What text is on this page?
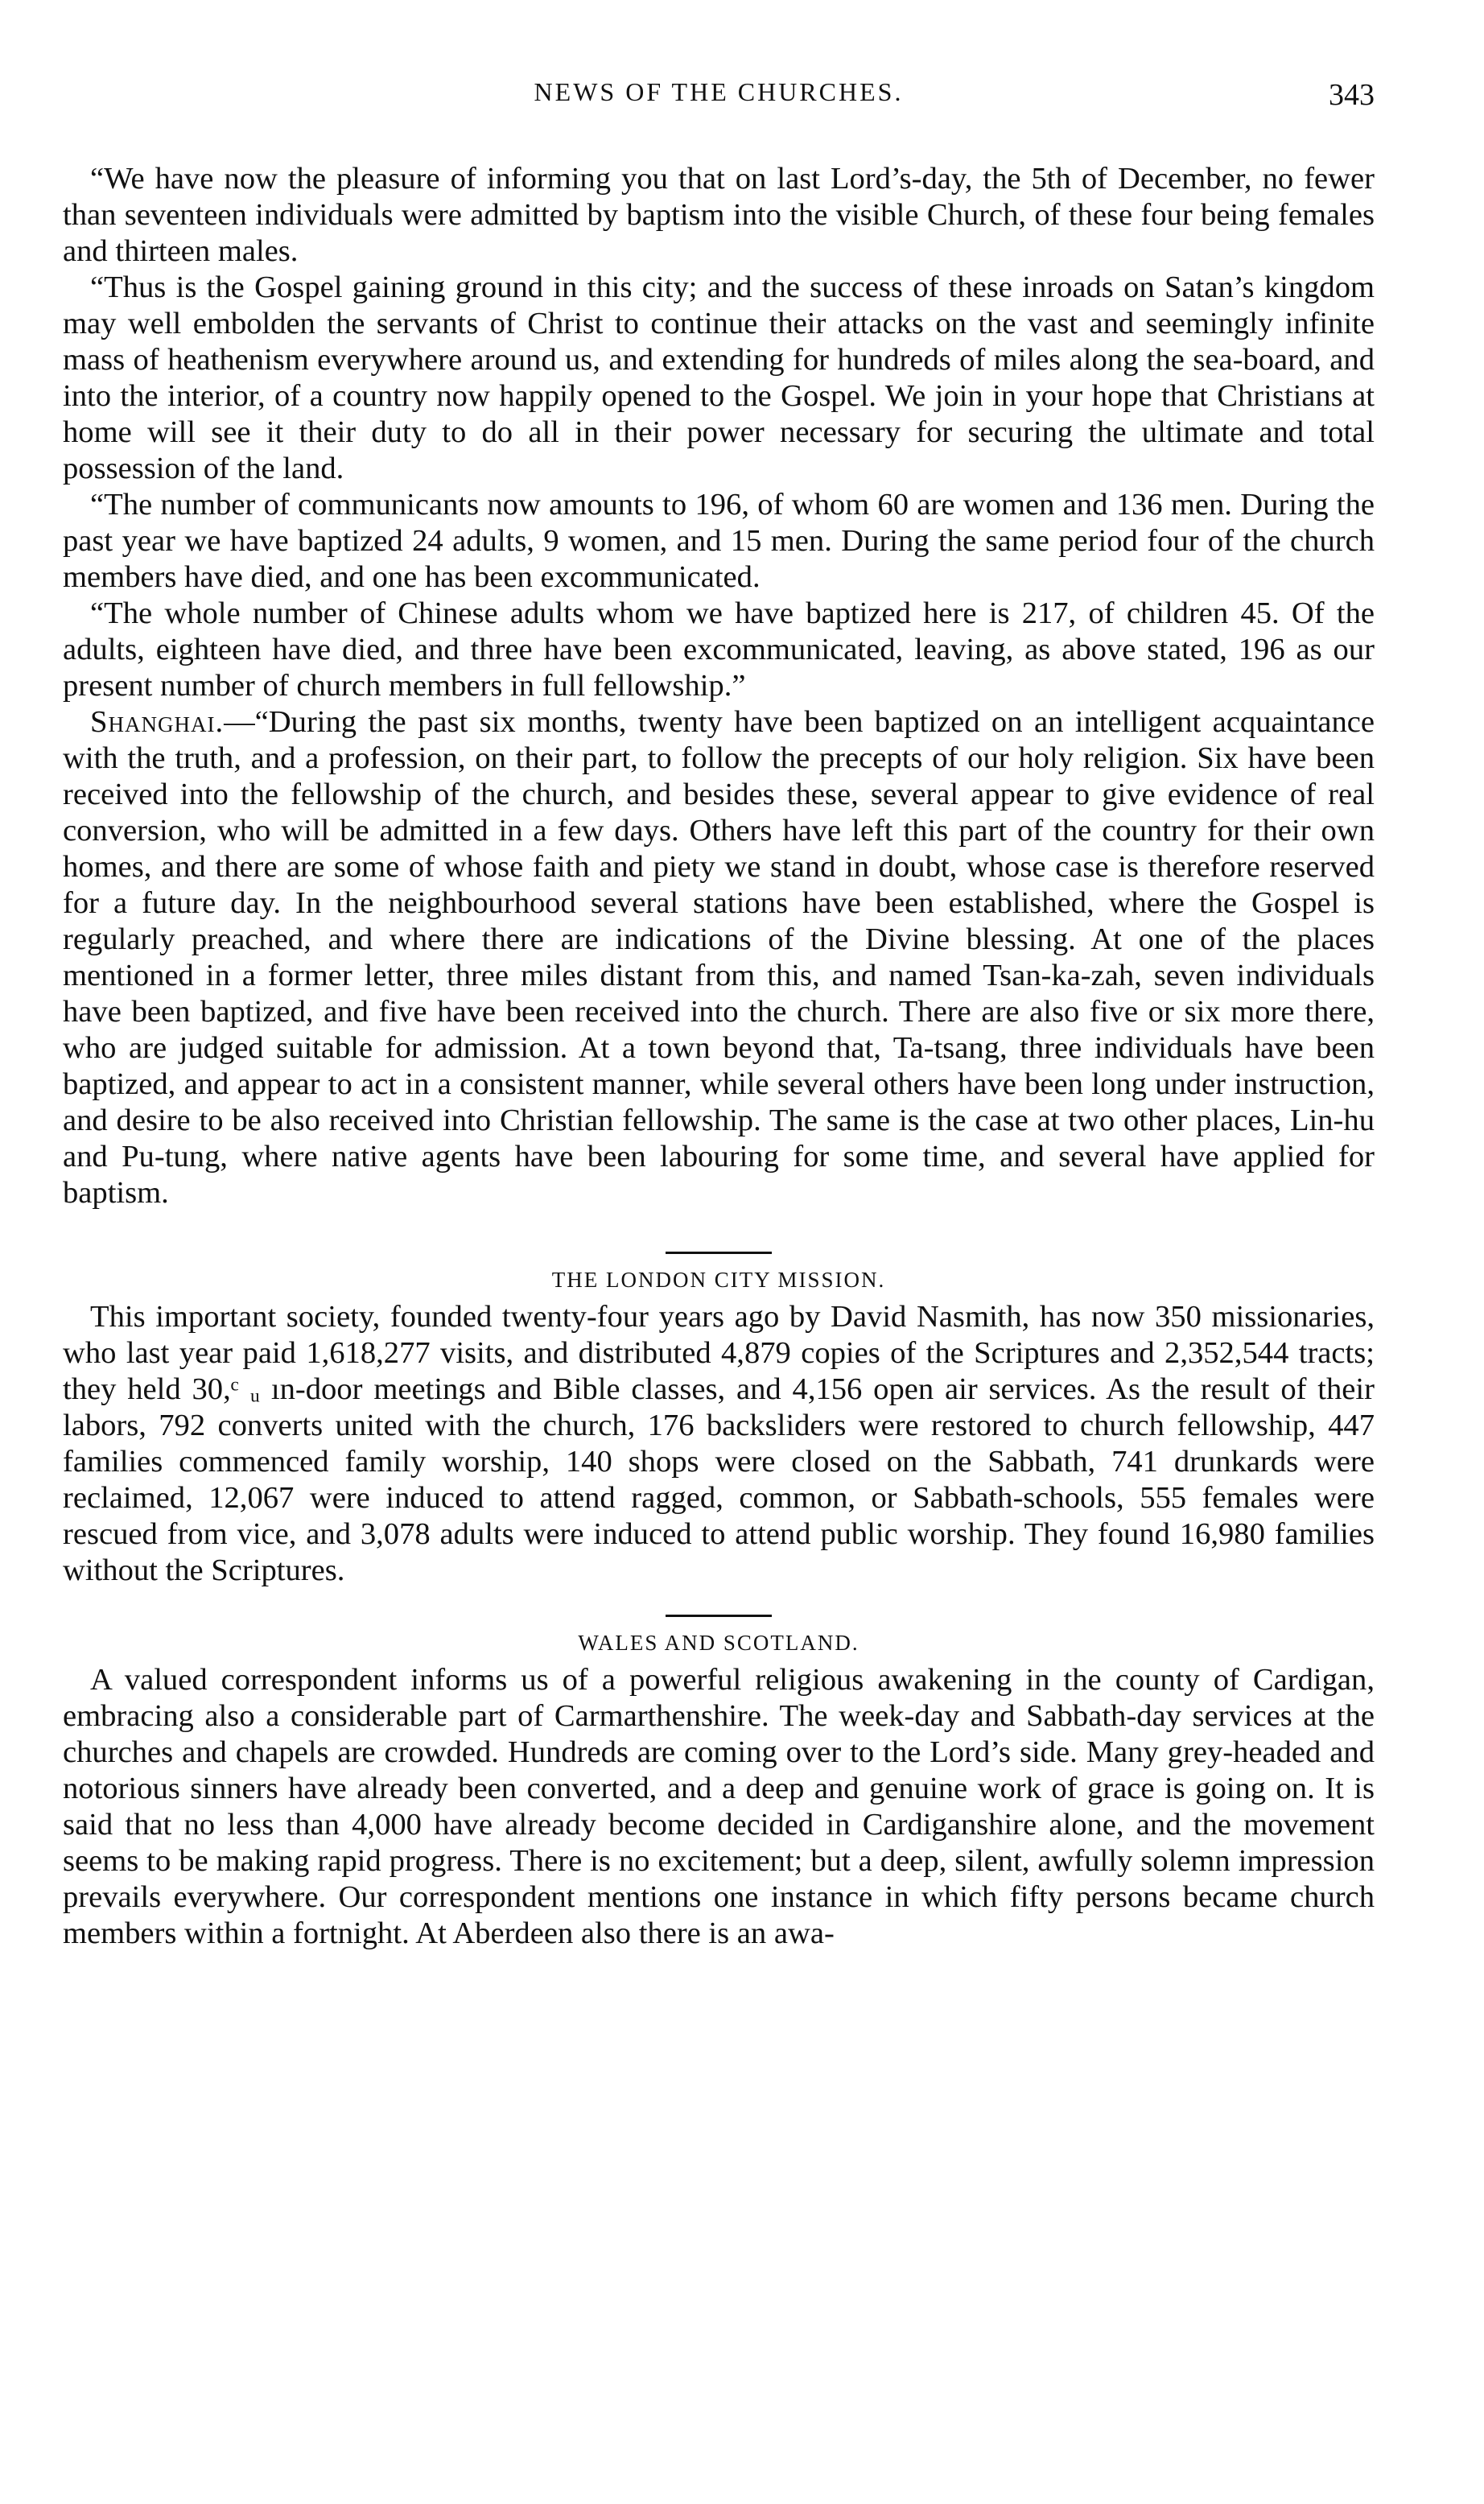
NEWS OF THE CHURCHES.	343

“We have now the pleasure of informing you that on last Lord’s-day, the 5th of December, no fewer than seventeen individuals were admitted by baptism into the visible Church, of these four being females and thirteen males.

“Thus is the Gospel gaining ground in this city; and the success of these inroads on Satan’s kingdom may well embolden the servants of Christ to continue their attacks on the vast and seemingly infinite mass of heathenism everywhere around us, and extending for hundreds of miles along the sea-board, and into the interior, of a country now happily opened to the Gospel. We join in your hope that Christians at home will see it their duty to do all in their power necessary for securing the ultimate and total possession of the land.

“The number of communicants now amounts to 196, of whom 60 are women and 136 men. During the past year we have baptized 24 adults, 9 women, and 15 men. During the same period four of the church members have died, and one has been excommunicated.

“The whole number of Chinese adults whom we have baptized here is 217, of children 45. Of the adults, eighteen have died, and three have been excommunicated, leaving, as above stated, 196 as our present number of church members in full fellowship.”

Shanghai.—“During the past six months, twenty have been baptized on an intelligent acquaintance with the truth, and a profession, on their part, to follow the precepts of our holy religion. Six have been received into the fellowship of the church, and besides these, several appear to give evidence of real conversion, who will be admitted in a few days. Others have left this part of the country for their own homes, and there are some of whose faith and piety we stand in doubt, whose case is therefore reserved for a future day. In the neighbourhood several stations have been established, where the Gospel is regularly preached, and where there are indications of the Divine blessing. At one of the places mentioned in a former letter, three miles distant from this, and named Tsan-ka-zah, seven individuals have been baptized, and five have been received into the church. There are also five or six more there, who are judged suitable for admission. At a town beyond that, Ta-tsang, three individuals have been baptized, and appear to act in a consistent manner, while several others have been long under instruction, and desire to be also received into Christian fellowship. The same is the case at two other places, Lin-hu and Pu-tung, where native agents have been labouring for some time, and several have applied for baptism.

THE LONDON CITY MISSION.

This important society, founded twenty-four years ago by David Nasmith, has now 350 missionaries, who last year paid 1,618,277 visits, and distributed 4,879 copies of the Scriptures and 2,352,544 tracts; they held 30,ᶜ ᵤ ın-door meetings and Bible classes, and 4,156 open air services. As the result of their labors, 792 converts united with the church, 176 backsliders were restored to church fellowship, 447 families commenced family worship, 140 shops were closed on the Sabbath, 741 drunkards were reclaimed, 12,067 were induced to attend ragged, common, or Sabbath-schools, 555 females were rescued from vice, and 3,078 adults were induced to attend public worship. They found 16,980 families without the Scriptures.

WALES AND SCOTLAND.

A valued correspondent informs us of a powerful religious awakening in the county of Cardigan, embracing also a considerable part of Carmarthenshire. The week-day and Sabbath-day services at the churches and chapels are crowded. Hundreds are coming over to the Lord’s side. Many grey-headed and notorious sinners have already been converted, and a deep and genuine work of grace is going on. It is said that no less than 4,000 have already become decided in Cardiganshire alone, and the movement seems to be making rapid progress. There is no excitement; but a deep, silent, awfully solemn impression prevails everywhere. Our correspondent mentions one instance in which fifty persons became church members within a fortnight. At Aberdeen also there is an awa-
